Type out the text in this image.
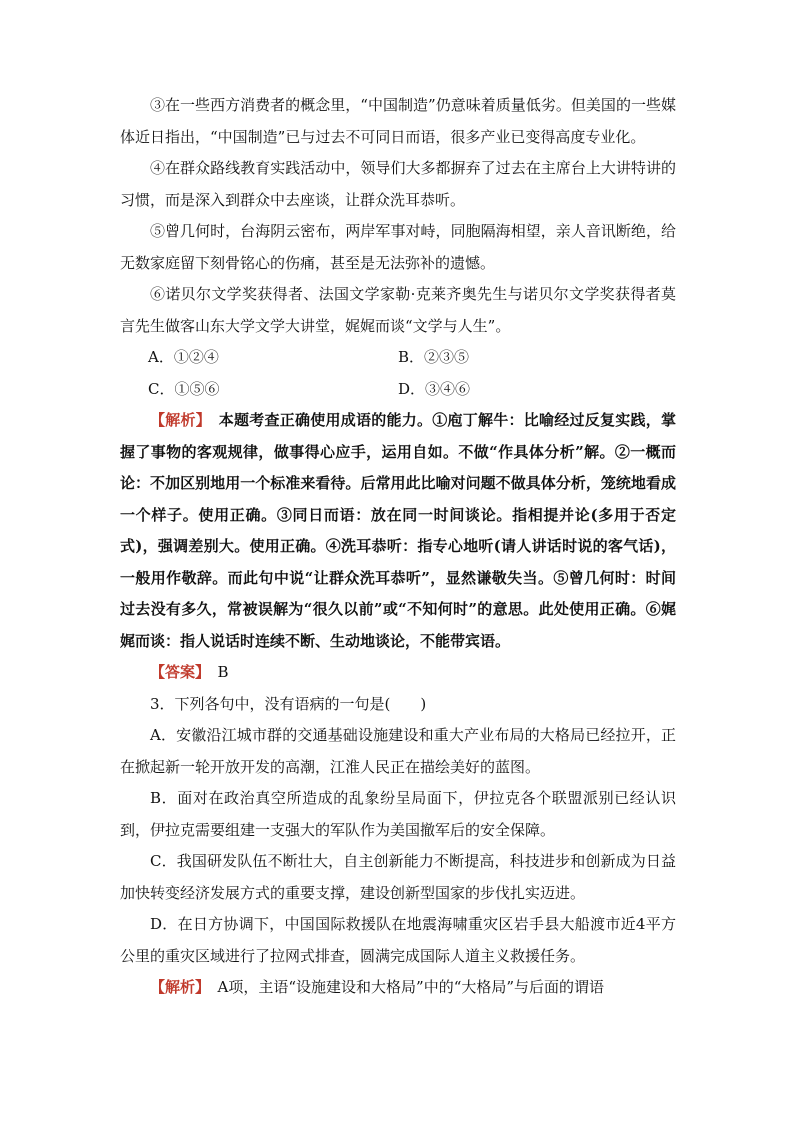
③在一些西方消费者的概念里，“中国制造”仍意味着质量低劣。但美国的一些媒体近日指出，“中国制造”已与过去不可同日而语，很多产业已变得高度专业化。

④在群众路线教育实践活动中，领导们大多都摒弃了过去在主席台上大讲特讲的习惯，而是深入到群众中去座谈，让群众洗耳恭听。

⑤曾几何时，台海阴云密布，两岸军事对峙，同胞隔海相望，亲人音讯断绝，给无数家庭留下刻骨铭心的伤痛，甚至是无法弥补的遗憾。

⑥诺贝尔文学奖获得者、法国文学家勒·克莱齐奥先生与诺贝尔文学奖获得者莫言先生做客山东大学文学大讲堂，娓娓而谈“文学与人生”。

A．①②④	B．②③⑤
C．①⑤⑥	D．③④⑥

【解析】　 本题考查正确使用成语的能力。①庖丁解牛：比喻经过反复实践，掌握了事物的客观规律，做事得心应手，运用自如。不做“作具体分析”解。②一概而论：不加区别地用一个标准来看待。后常用此比喻对问题不做具体分析，笼统地看成一个样子。使用正确。③同日而语：放在同一时间谈论。指相提并论(多用于否定式)，强调差别大。使用正确。④洗耳恭听：指专心地听(请人讲话时说的客气话)，一般用作敬辞。而此句中说“让群众洗耳恭听”，显然谦敬失当。⑤曾几何时：时间过去没有多久，常被误解为“很久以前”或“不知何时”的意思。此处使用正确。⑥娓娓而谈：指人说话时连续不断、生动地谈论，不能带宾语。

【答案】　 B

3．下列各句中，没有语病的一句是(　　)

A．安徽沿江城市群的交通基础设施建设和重大产业布局的大格局已经拉开，正在掀起新一轮开放开发的高潮，江淮人民正在描绘美好的蓝图。

B．面对在政治真空所造成的乱象纷呈局面下，伊拉克各个联盟派别已经认识到，伊拉克需要组建一支强大的军队作为美国撤军后的安全保障。

C．我国研发队伍不断壮大，自主创新能力不断提高，科技进步和创新成为日益加快转变经济发展方式的重要支撑，建设创新型国家的步伐扎实迈进。

D．在日方协调下，中国国际救援队在地震海啸重灾区岩手县大船渡市近4平方公里的重灾区域进行了拉网式排查，圆满完成国际人道主义救援任务。

【解析】　 A项，主语“设施建设和大格局”中的“大格局”与后面的谓语
